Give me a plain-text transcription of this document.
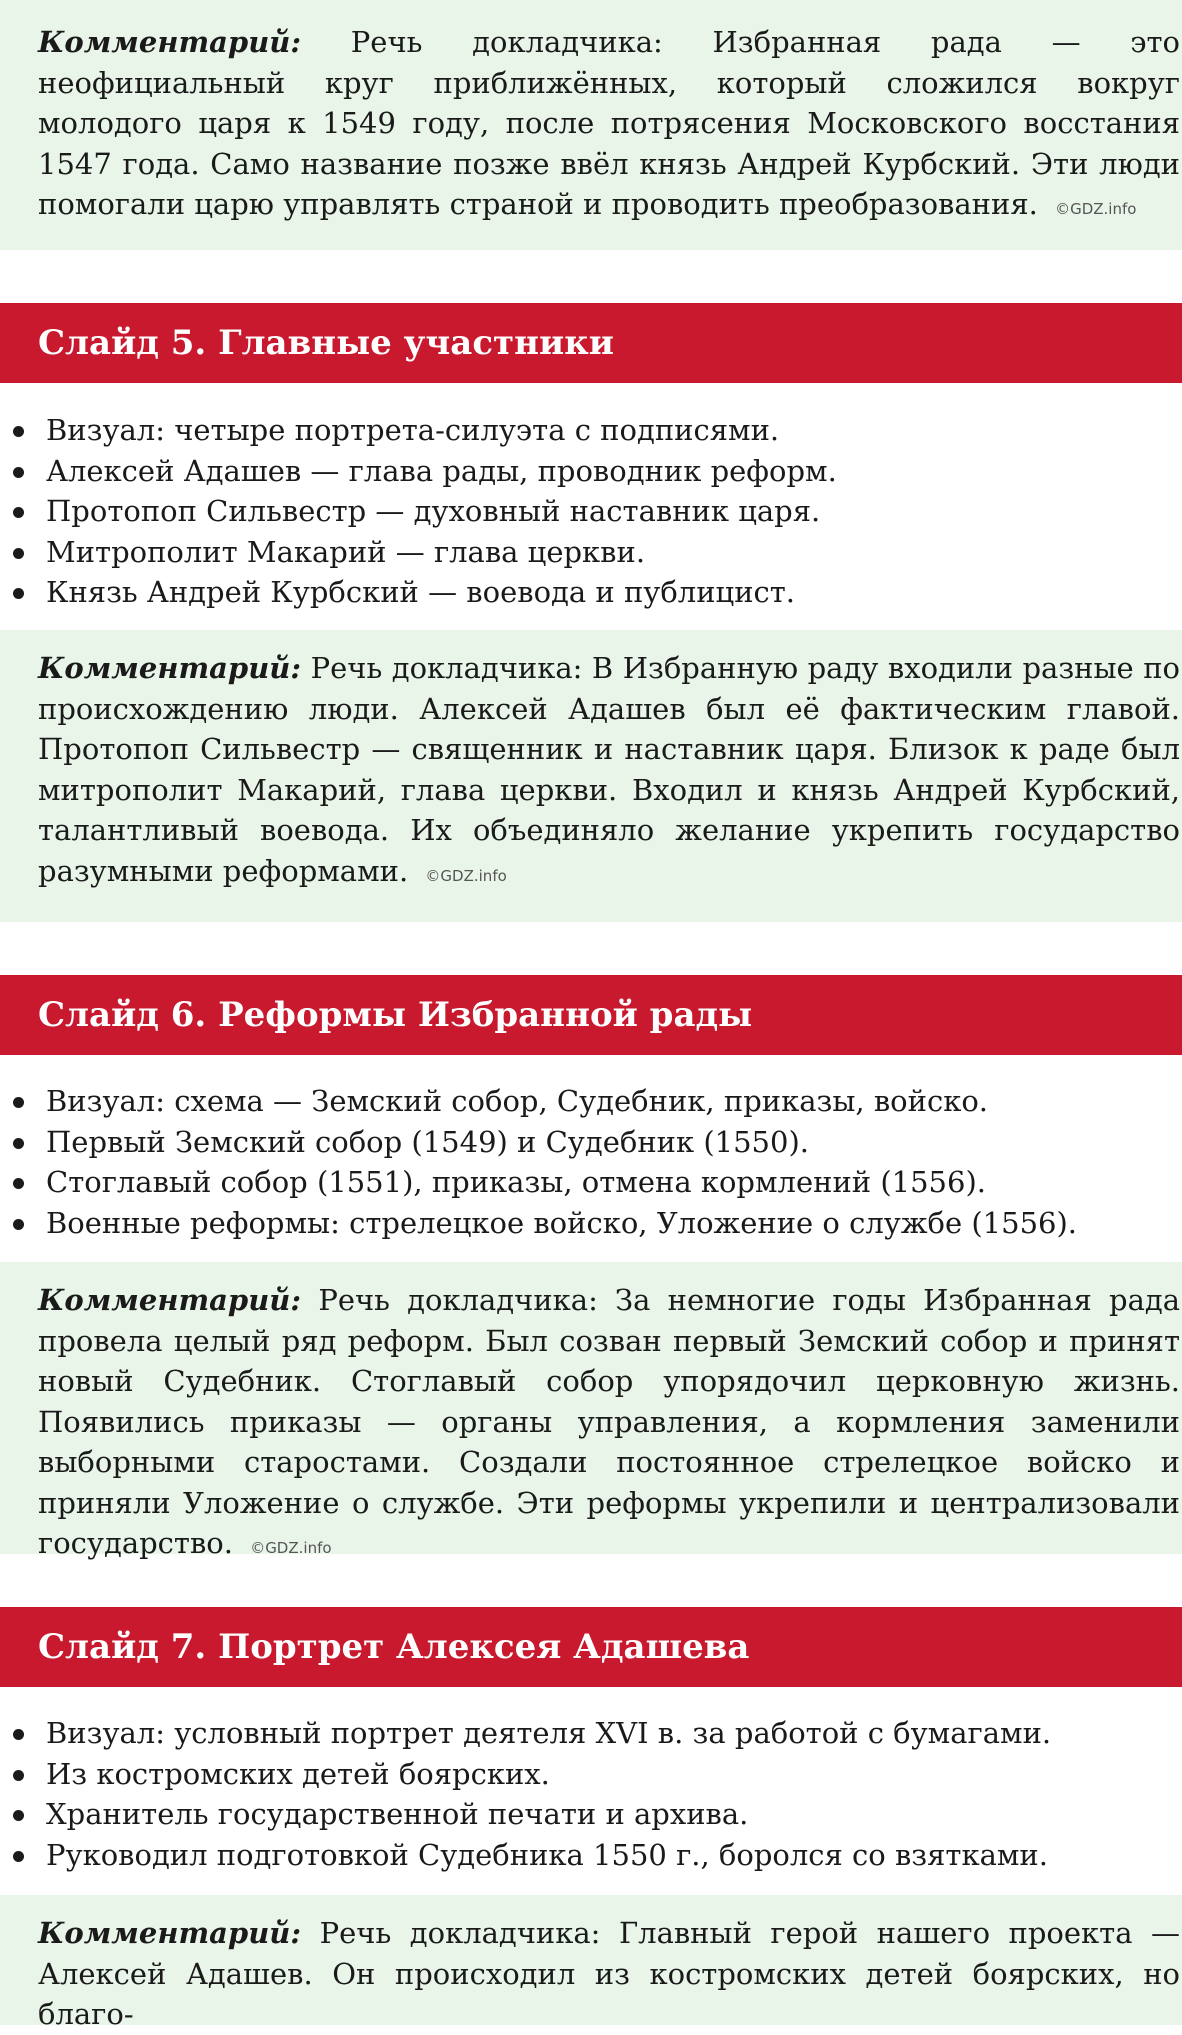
Комментарий: Речь докладчика: Избранная рада — это неофициальный круг приближённых, который сложился вокруг молодого царя к 1549 году, после потрясения Московского восстания 1547 года. Само название позже ввёл князь Андрей Курбский. Эти люди помогали царю управлять страной и проводить преобразования. ©GDZ.info
Слайд 5. Главные участники
Визуал: четыре портрета-силуэта с подписями.
Алексей Адашев — глава рады, проводник реформ.
Протопоп Сильвестр — духовный наставник царя.
Митрополит Макарий — глава церкви.
Князь Андрей Курбский — воевода и публицист.
Комментарий: Речь докладчика: В Избранную раду входили разные по происхождению люди. Алексей Адашев был её фактическим главой. Протопоп Сильвестр — священник и наставник царя. Близок к раде был митрополит Макарий, глава церкви. Входил и князь Андрей Курбский, талантливый воевода. Их объединяло желание укрепить государство разумными реформами. ©GDZ.info
Слайд 6. Реформы Избранной рады
Визуал: схема — Земский собор, Судебник, приказы, войско.
Первый Земский собор (1549) и Судебник (1550).
Стоглавый собор (1551), приказы, отмена кормлений (1556).
Военные реформы: стрелецкое войско, Уложение о службе (1556).
Комментарий: Речь докладчика: За немногие годы Избранная рада провела целый ряд реформ. Был созван первый Земский собор и принят новый Судебник. Стоглавый собор упорядочил церковную жизнь. Появились приказы — органы управления, а кормления заменили выборными старостами. Создали постоянное стрелецкое войско и приняли Уложение о службе. Эти реформы укрепили и централизовали государство. ©GDZ.info
Слайд 7. Портрет Алексея Адашева
Визуал: условный портрет деятеля XVI в. за работой с бумагами.
Из костромских детей боярских.
Хранитель государственной печати и архива.
Руководил подготовкой Судебника 1550 г., боролся со взятками.
Комментарий: Речь докладчика: Главный герой нашего проекта — Алексей Адашев. Он происходил из костромских детей боярских, но благо-
